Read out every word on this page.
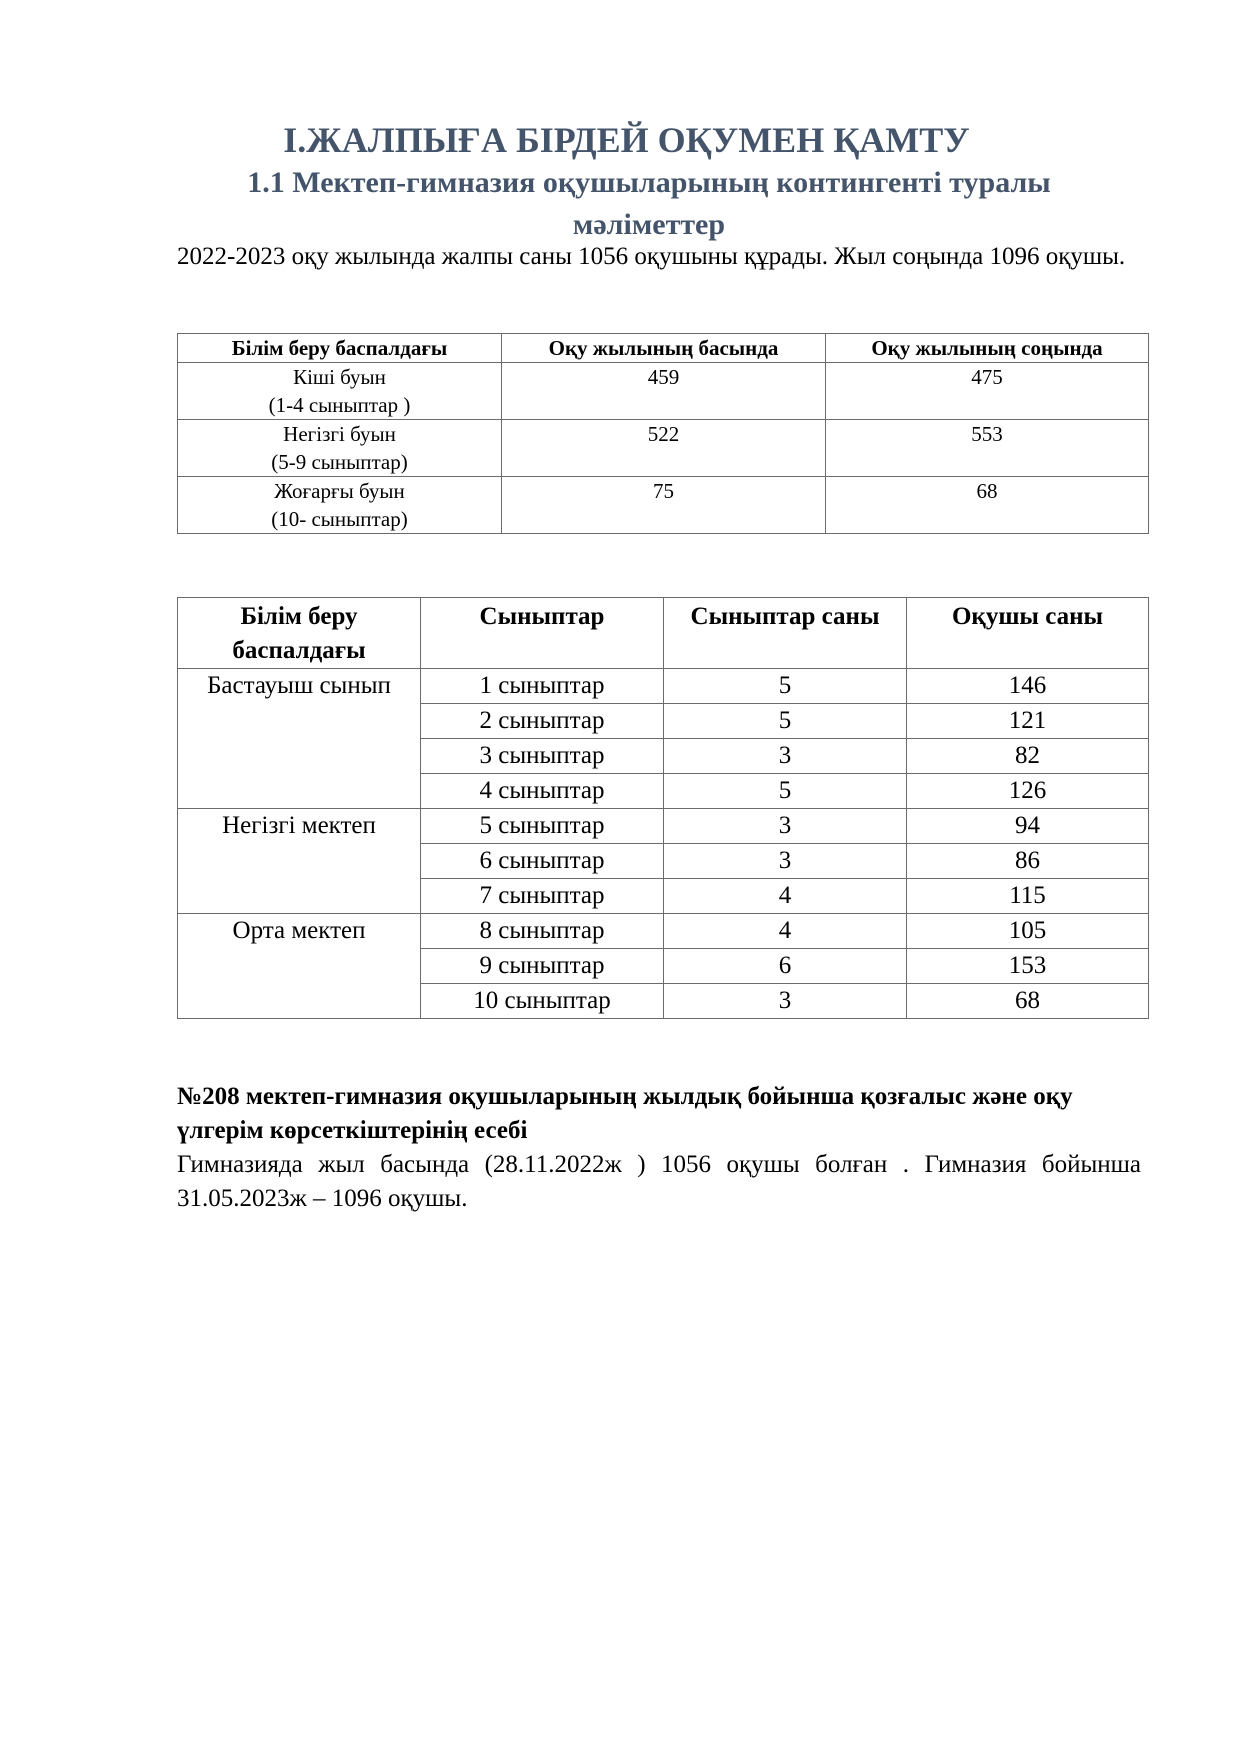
І.ЖАЛПЫҒА БІРДЕЙ ОҚУМЕН ҚАМТУ
1.1 Мектеп-гимназия оқушыларының контингенті туралы мәліметтер

2022-2023 оқу жылында жалпы саны 1056 оқушыны құрады. Жыл соңында 1096 оқушы.

Білім беру баспалдағы	Оқу жылының басында	Оқу жылының соңында

Кіші буын
(1-4 сыныптар )	459	475

Негізгі буын
(5-9 сыныптар)	522	553

Жоғарғы буын
(10- сыныптар)	75	68
Білім беру баспалдағы	Сыныптар	Сыныптар саны	Оқушы саны
Бастауыш сынып	1 сыныптар	5	146
	2 сыныптар	5	121
	3 сыныптар	3	82
	4 сыныптар	5	126
Негізгі мектеп	5 сыныптар	3	94
	6 сыныптар	3	86
	7 сыныптар	4	115
Орта мектеп	8 сыныптар	4	105
	9 сыныптар	6	153
	10 сыныптар	3	68
№208 мектеп-гимназия оқушыларының жылдық бойынша қозғалыс және оқу үлгерім көрсеткіштерінің есебі

Гимназияда жыл басында (28.11.2022ж ) 1056 оқушы болған . Гимназия бойынша 31.05.2023ж – 1096 оқушы.
